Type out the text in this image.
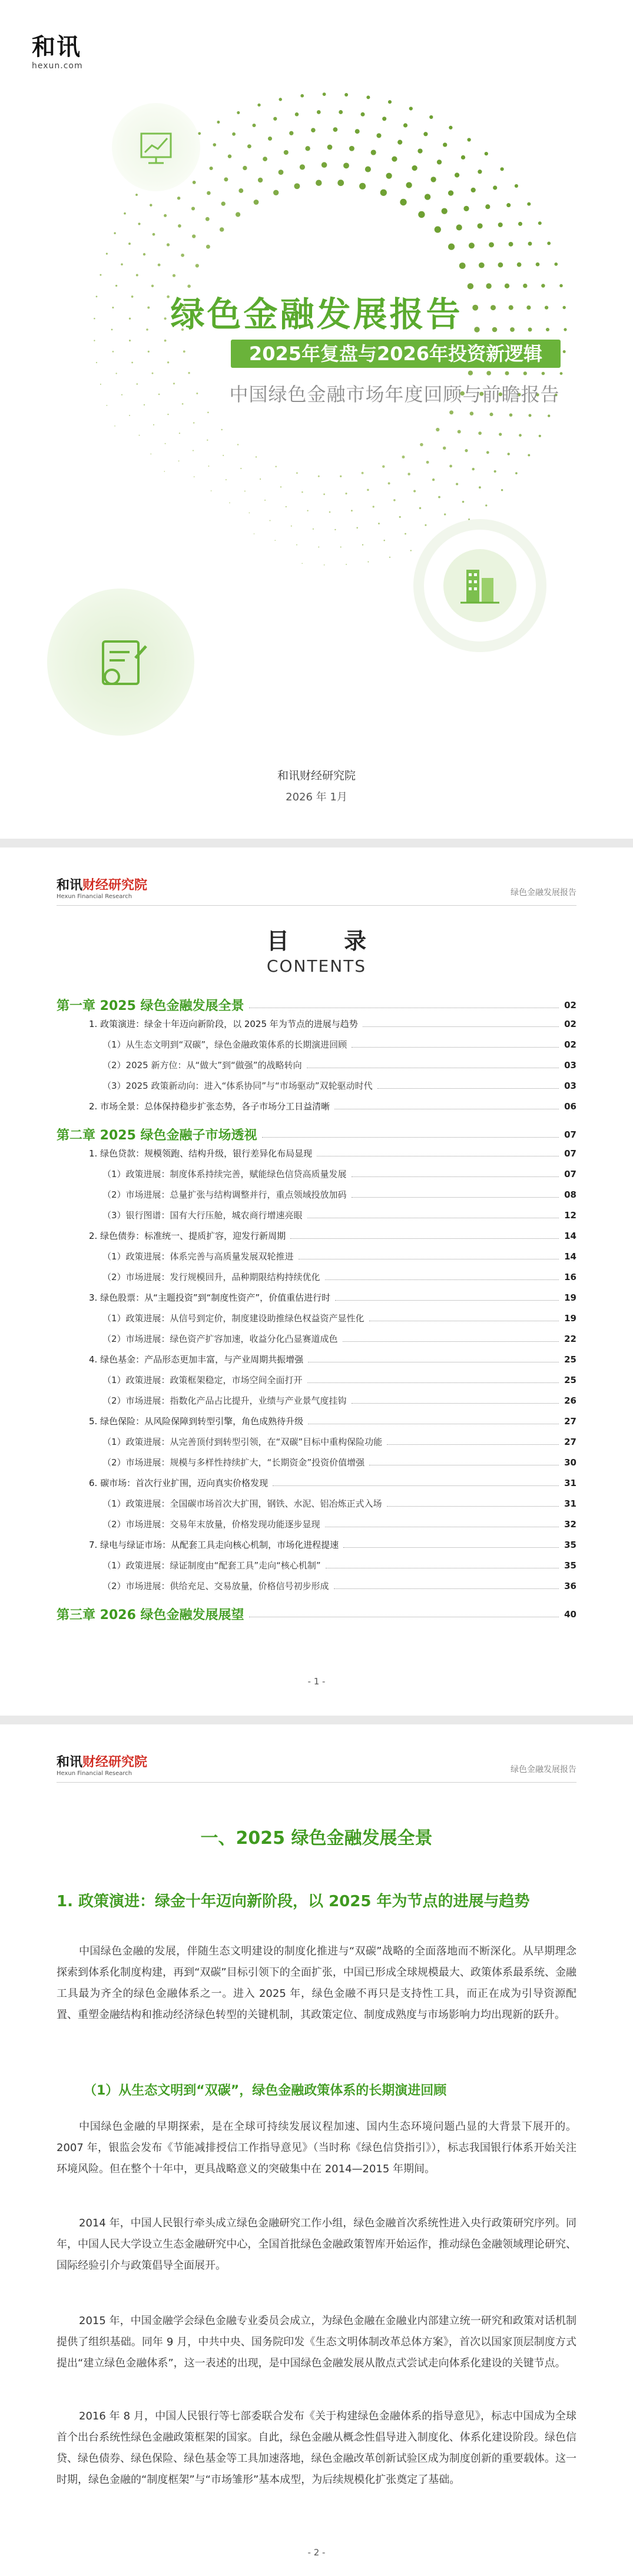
和讯
hexun.com
绿色金融发展报告
2025年复盘与2026年投资新逻辑
中国绿色金融市场年度回顾与前瞻报告
和讯财经研究院
2026 年 1月
和讯财经研究院
Hexun Financial Research	绿色金融发展报告
目 录
CONTENTS
第一章 2025 绿色金融发展全景	02
1. 政策演进：绿金十年迈向新阶段，以 2025 年为节点的进展与趋势	02
（1）从生态文明到“双碳”，绿色金融政策体系的长期演进回顾	02
（2）2025 新方位：从“做大”到“做强”的战略转向	03
（3）2025 政策新动向：进入“体系协同”与“市场驱动”双轮驱动时代	03
2. 市场全景：总体保持稳步扩张态势，各子市场分工日益清晰	06
第二章 2025 绿色金融子市场透视	07
1. 绿色贷款：规模领跑、结构升级，银行差异化布局显现	07
（1）政策进展：制度体系持续完善，赋能绿色信贷高质量发展	07
（2）市场进展：总量扩张与结构调整并行，重点领域投放加码	08
（3）银行图谱：国有大行压舱，城农商行增速亮眼	12
2. 绿色债券：标准统一、提质扩容，迎发行新周期	14
（1）政策进展：体系完善与高质量发展双轮推进	14
（2）市场进展：发行规模回升，品种期限结构持续优化	16
3. 绿色股票：从“主题投资”到“制度性资产”，价值重估进行时	19
（1）政策进展：从信号到定价，制度建设助推绿色权益资产显性化	19
（2）市场进展：绿色资产扩容加速，收益分化凸显赛道成色	22
4. 绿色基金：产品形态更加丰富，与产业周期共振增强	25
（1）政策进展：政策框架稳定，市场空间全面打开	25
（2）市场进展：指数化产品占比提升，业绩与产业景气度挂钩	26
5. 绿色保险：从风险保障到转型引擎，角色成熟待升级	27
（1）政策进展：从完善顶付到转型引领，在“双碳”目标中重构保险功能	27
（2）市场进展：规模与多样性持续扩大，“长期资金”投资价值增强	30
6. 碳市场：首次行业扩围，迈向真实价格发现	31
（1）政策进展：全国碳市场首次大扩围，钢铁、水泥、铝冶炼正式入场	31
（2）市场进展：交易年末放量，价格发现功能逐步显现	32
7. 绿电与绿证市场：从配套工具走向核心机制，市场化进程提速	35
（1）政策进展：绿证制度由“配套工具”走向“核心机制”	35
（2）市场进展：供给充足、交易放量，价格信号初步形成	36
第三章 2026 绿色金融发展展望	40
- 1 -
和讯财经研究院
Hexun Financial Research	绿色金融发展报告
一、2025 绿色金融发展全景
1. 政策演进：绿金十年迈向新阶段，以 2025 年为节点的进展与趋势
中国绿色金融的发展，伴随生态文明建设的制度化推进与“双碳”战略的全面落地而不断深化。从早期理念探索到体系化制度构建，再到“双碳”目标引领下的全面扩张，中国已形成全球规模最大、政策体系最系统、金融工具最为齐全的绿色金融体系之一。进入 2025 年，绿色金融不再只是支持性工具，而正在成为引导资源配置、重塑金融结构和推动经济绿色转型的关键机制，其政策定位、制度成熟度与市场影响力均出现新的跃升。
（1）从生态文明到“双碳”，绿色金融政策体系的长期演进回顾
中国绿色金融的早期探索，是在全球可持续发展议程加速、国内生态环境问题凸显的大背景下展开的。2007 年，银监会发布《节能减排授信工作指导意见》（当时称《绿色信贷指引》），标志我国银行体系开始关注环境风险。但在整个十年中，更具战略意义的突破集中在 2014—2015 年期间。
2014 年，中国人民银行牵头成立绿色金融研究工作小组，绿色金融首次系统性进入央行政策研究序列。同年，中国人民大学设立生态金融研究中心，全国首批绿色金融政策智库开始运作，推动绿色金融领域理论研究、国际经验引介与政策倡导全面展开。
2015 年，中国金融学会绿色金融专业委员会成立，为绿色金融在金融业内部建立统一研究和政策对话机制提供了组织基础。同年 9 月，中共中央、国务院印发《生态文明体制改革总体方案》，首次以国家顶层制度方式提出“建立绿色金融体系”，这一表述的出现，是中国绿色金融发展从散点式尝试走向体系化建设的关键节点。
2016 年 8 月，中国人民银行等七部委联合发布《关于构建绿色金融体系的指导意见》，标志中国成为全球首个出台系统性绿色金融政策框架的国家。自此，绿色金融从概念性倡导进入制度化、体系化建设阶段。绿色信贷、绿色债券、绿色保险、绿色基金等工具加速落地，绿色金融改革创新试验区成为制度创新的重要载体。这一时期，绿色金融的“制度框架”与“市场雏形”基本成型，为后续规模化扩张奠定了基础。
- 2 -
